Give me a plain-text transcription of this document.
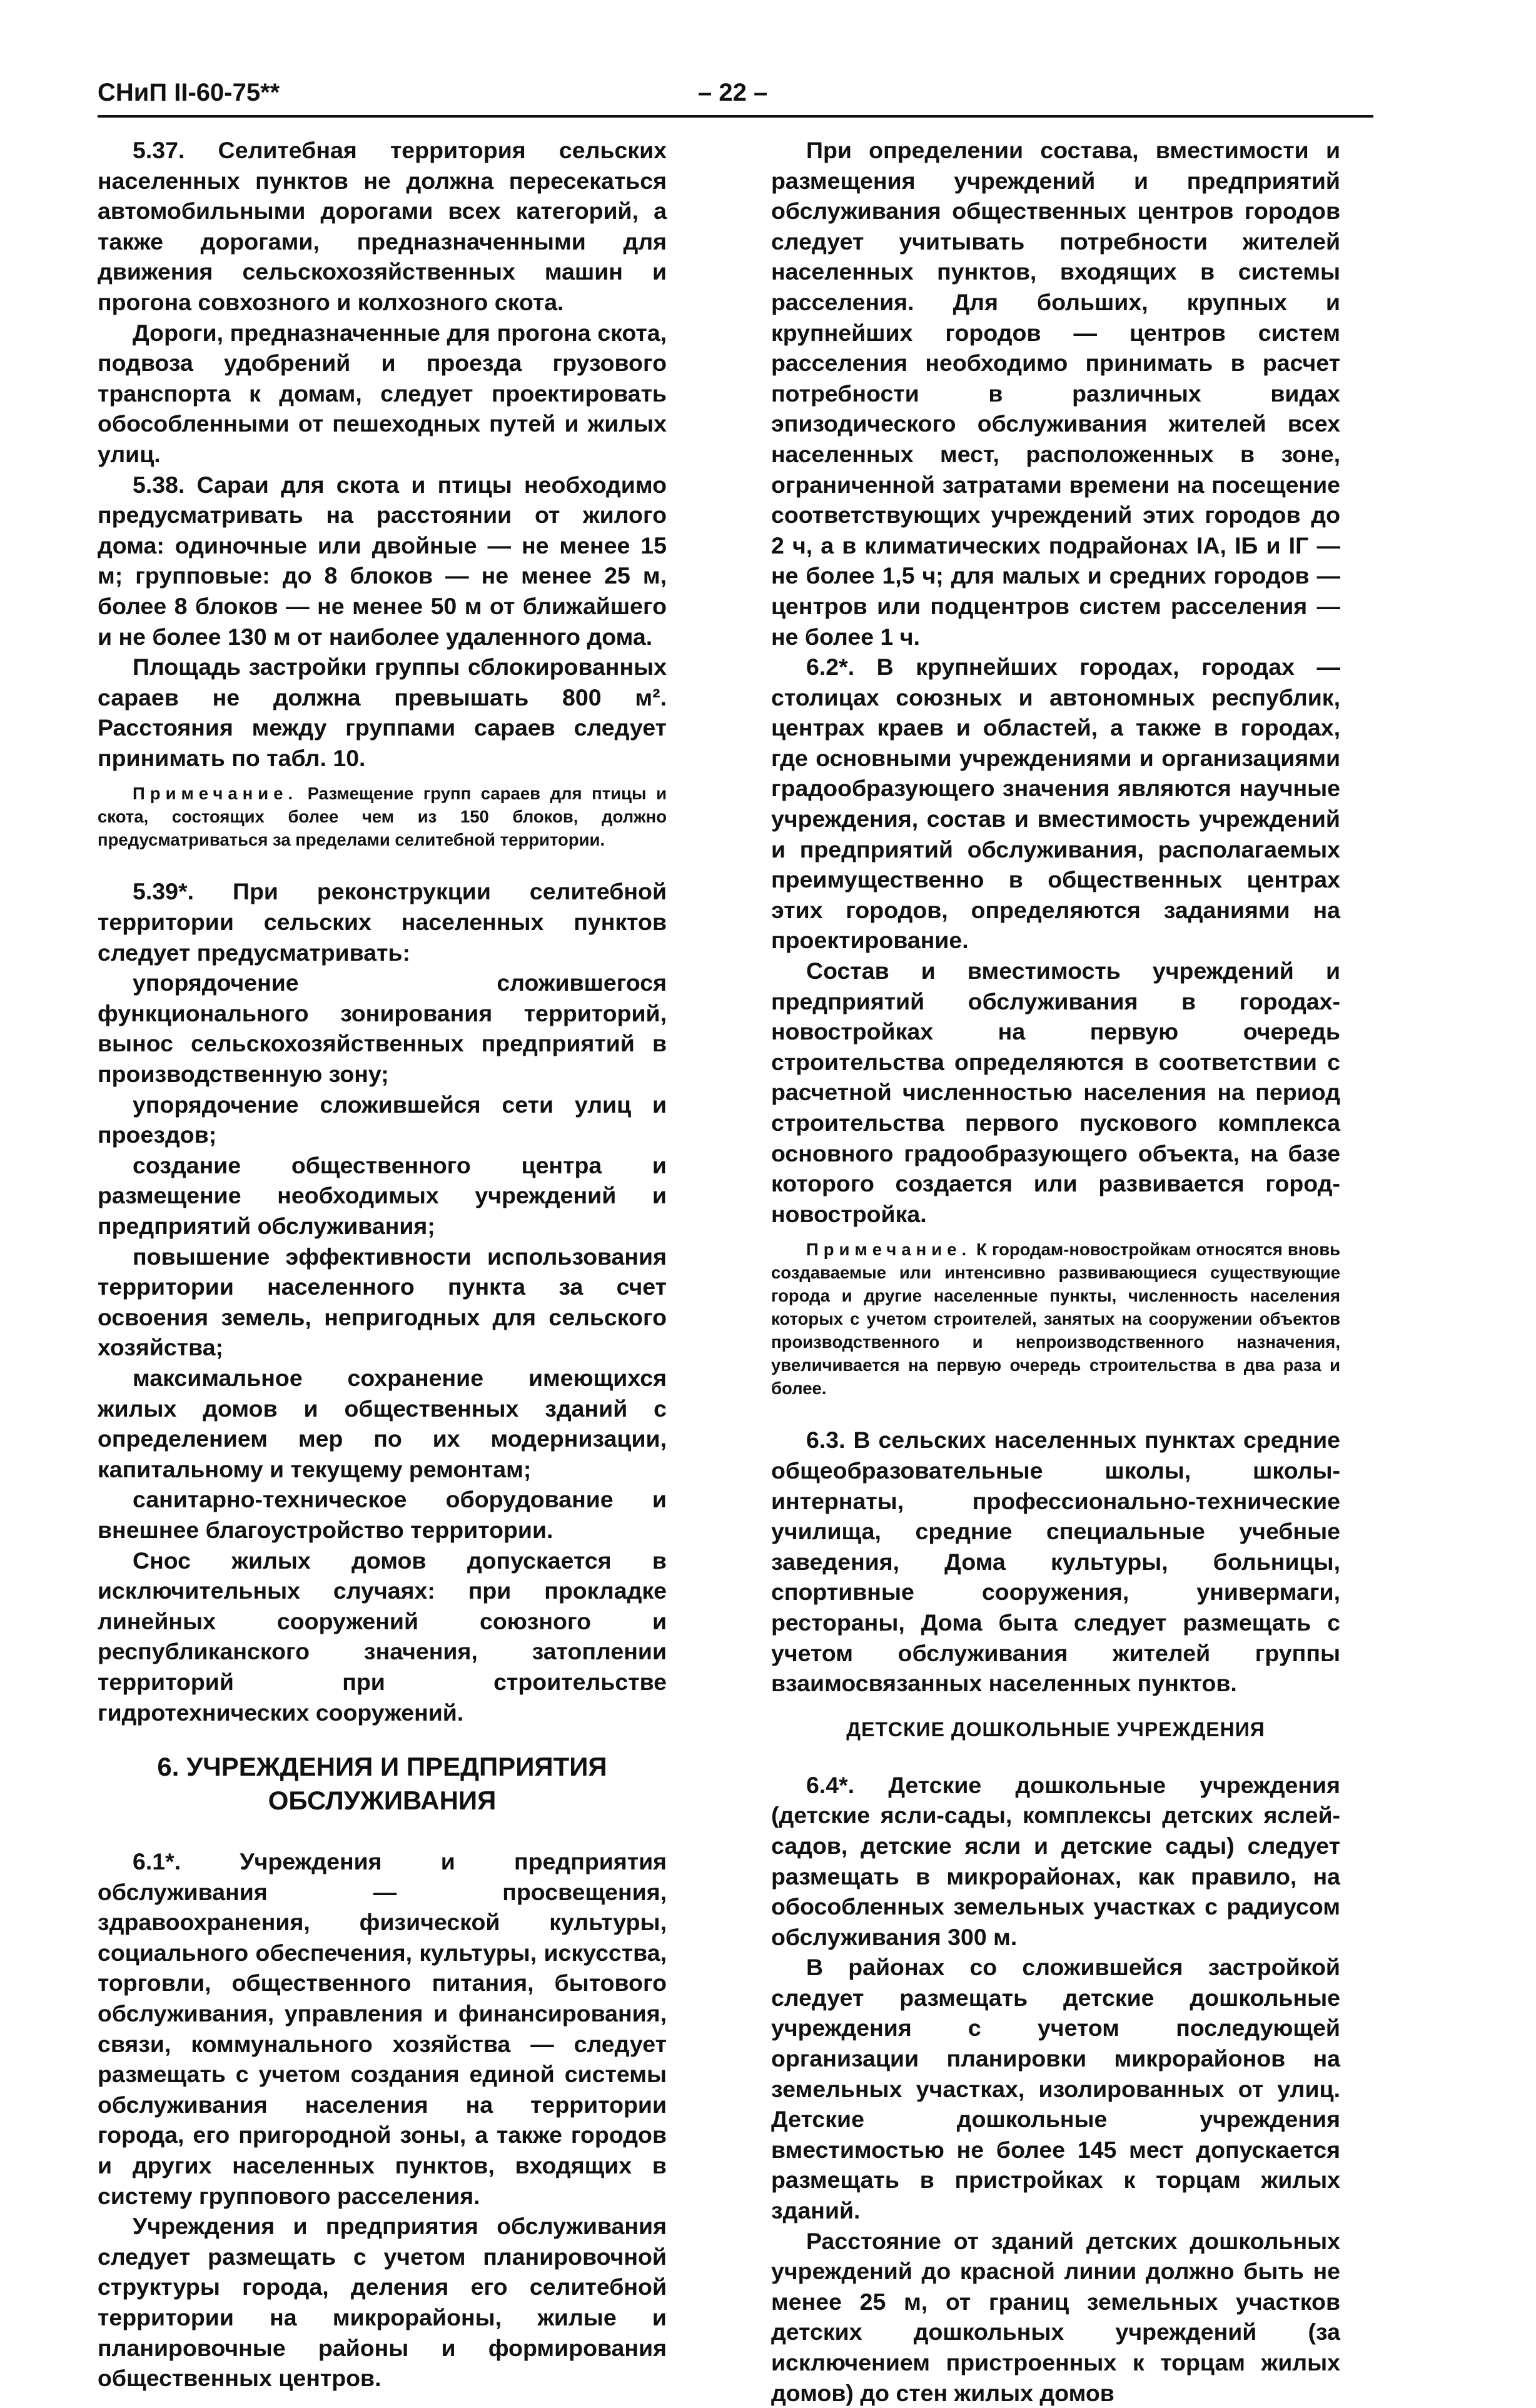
СНиП II-60-75**	– 22 –

5.37. Селитебная территория сельских населенных пунктов не должна пересекаться автомобильными дорогами всех категорий, а также дорогами, предназначенными для движения сельскохозяйственных машин и прогона совхозного и колхозного скота.

Дороги, предназначенные для прогона скота, подвоза удобрений и проезда грузового транспорта к домам, следует проектировать обособленными от пешеходных путей и жилых улиц.

5.38. Сараи для скота и птицы необходимо предусматривать на расстоянии от жилого дома: одиночные или двойные — не менее 15 м; групповые: до 8 блоков — не менее 25 м, более 8 блоков — не менее 50 м от ближайшего и не более 130 м от наиболее удаленного дома.

Площадь застройки группы сблокированных сараев не должна превышать 800 м². Расстояния между группами сараев следует принимать по табл. 10.

Примечание. Размещение групп сараев для птицы и скота, состоящих более чем из 150 блоков, должно предусматриваться за пределами селитебной территории.

5.39*. При реконструкции селитебной территории сельских населенных пунктов следует предусматривать:

упорядочение сложившегося функционального зонирования территорий, вынос сельскохозяйственных предприятий в производственную зону;

упорядочение сложившейся сети улиц и проездов;

создание общественного центра и размещение необходимых учреждений и предприятий обслуживания;

повышение эффективности использования территории населенного пункта за счет освоения земель, непригодных для сельского хозяйства;

максимальное сохранение имеющихся жилых домов и общественных зданий с определением мер по их модернизации, капитальному и текущему ремонтам;

санитарно-техническое оборудование и внешнее благоустройство территории.

Снос жилых домов допускается в исключительных случаях: при прокладке линейных сооружений союзного и республиканского значения, затоплении территорий при строительстве гидротехнических сооружений.

6. УЧРЕЖДЕНИЯ И ПРЕДПРИЯТИЯ
ОБСЛУЖИВАНИЯ

6.1*. Учреждения и предприятия обслуживания — просвещения, здравоохранения, физической культуры, социального обеспечения, культуры, искусства, торговли, общественного питания, бытового обслуживания, управления и финансирования, связи, коммунального хозяйства — следует размещать с учетом создания единой системы обслуживания населения на территории города, его пригородной зоны, а также городов и других населенных пунктов, входящих в систему группового расселения.

Учреждения и предприятия обслуживания следует размещать с учетом планировочной структуры города, деления его селитебной территории на микрорайоны, жилые и планировочные районы и формирования общественных центров.

При определении состава, вместимости и размещения учреждений и предприятий обслуживания общественных центров городов следует учитывать потребности жителей населенных пунктов, входящих в системы расселения. Для больших, крупных и крупнейших городов — центров систем расселения необходимо принимать в расчет потребности в различных видах эпизодического обслуживания жителей всех населенных мест, расположенных в зоне, ограниченной затратами времени на посещение соответствующих учреждений этих городов до 2 ч, а в климатических подрайонах IА, IБ и IГ — не более 1,5 ч; для малых и средних городов — центров или подцентров систем расселения — не более 1 ч.

6.2*. В крупнейших городах, городах — столицах союзных и автономных республик, центрах краев и областей, а также в городах, где основными учреждениями и организациями градообразующего значения являются научные учреждения, состав и вместимость учреждений и предприятий обслуживания, располагаемых преимущественно в общественных центрах этих городов, определяются заданиями на проектирование.

Состав и вместимость учреждений и предприятий обслуживания в городах-новостройках на первую очередь строительства определяются в соответствии с расчетной численностью населения на период строительства первого пускового комплекса основного градообразующего объекта, на базе которого создается или развивается город-новостройка.

Примечание. К городам-новостройкам относятся вновь создаваемые или интенсивно развивающиеся существующие города и другие населенные пункты, численность населения которых с учетом строителей, занятых на сооружении объектов производственного и непроизводственного назначения, увеличивается на первую очередь строительства в два раза и более.

6.3. В сельских населенных пунктах средние общеобразовательные школы, школы-интернаты, профессионально-технические училища, средние специальные учебные заведения, Дома культуры, больницы, спортивные сооружения, универмаги, рестораны, Дома быта следует размещать с учетом обслуживания жителей группы взаимосвязанных населенных пунктов.

ДЕТСКИЕ ДОШКОЛЬНЫЕ УЧРЕЖДЕНИЯ

6.4*. Детские дошкольные учреждения (детские ясли-сады, комплексы детских яслей-садов, детские ясли и детские сады) следует размещать в микрорайонах, как правило, на обособленных земельных участках с радиусом обслуживания 300 м.

В районах со сложившейся застройкой следует размещать детские дошкольные учреждения с учетом последующей организации планировки микрорайонов на земельных участках, изолированных от улиц. Детские дошкольные учреждения вместимостью не более 145 мест допускается размещать в пристройках к торцам жилых зданий.

Расстояние от зданий детских дошкольных учреждений до красной линии должно быть не менее 25 м, от границ земельных участков детских дошкольных учреждений (за исключением пристроенных к торцам жилых домов) до стен жилых домов
